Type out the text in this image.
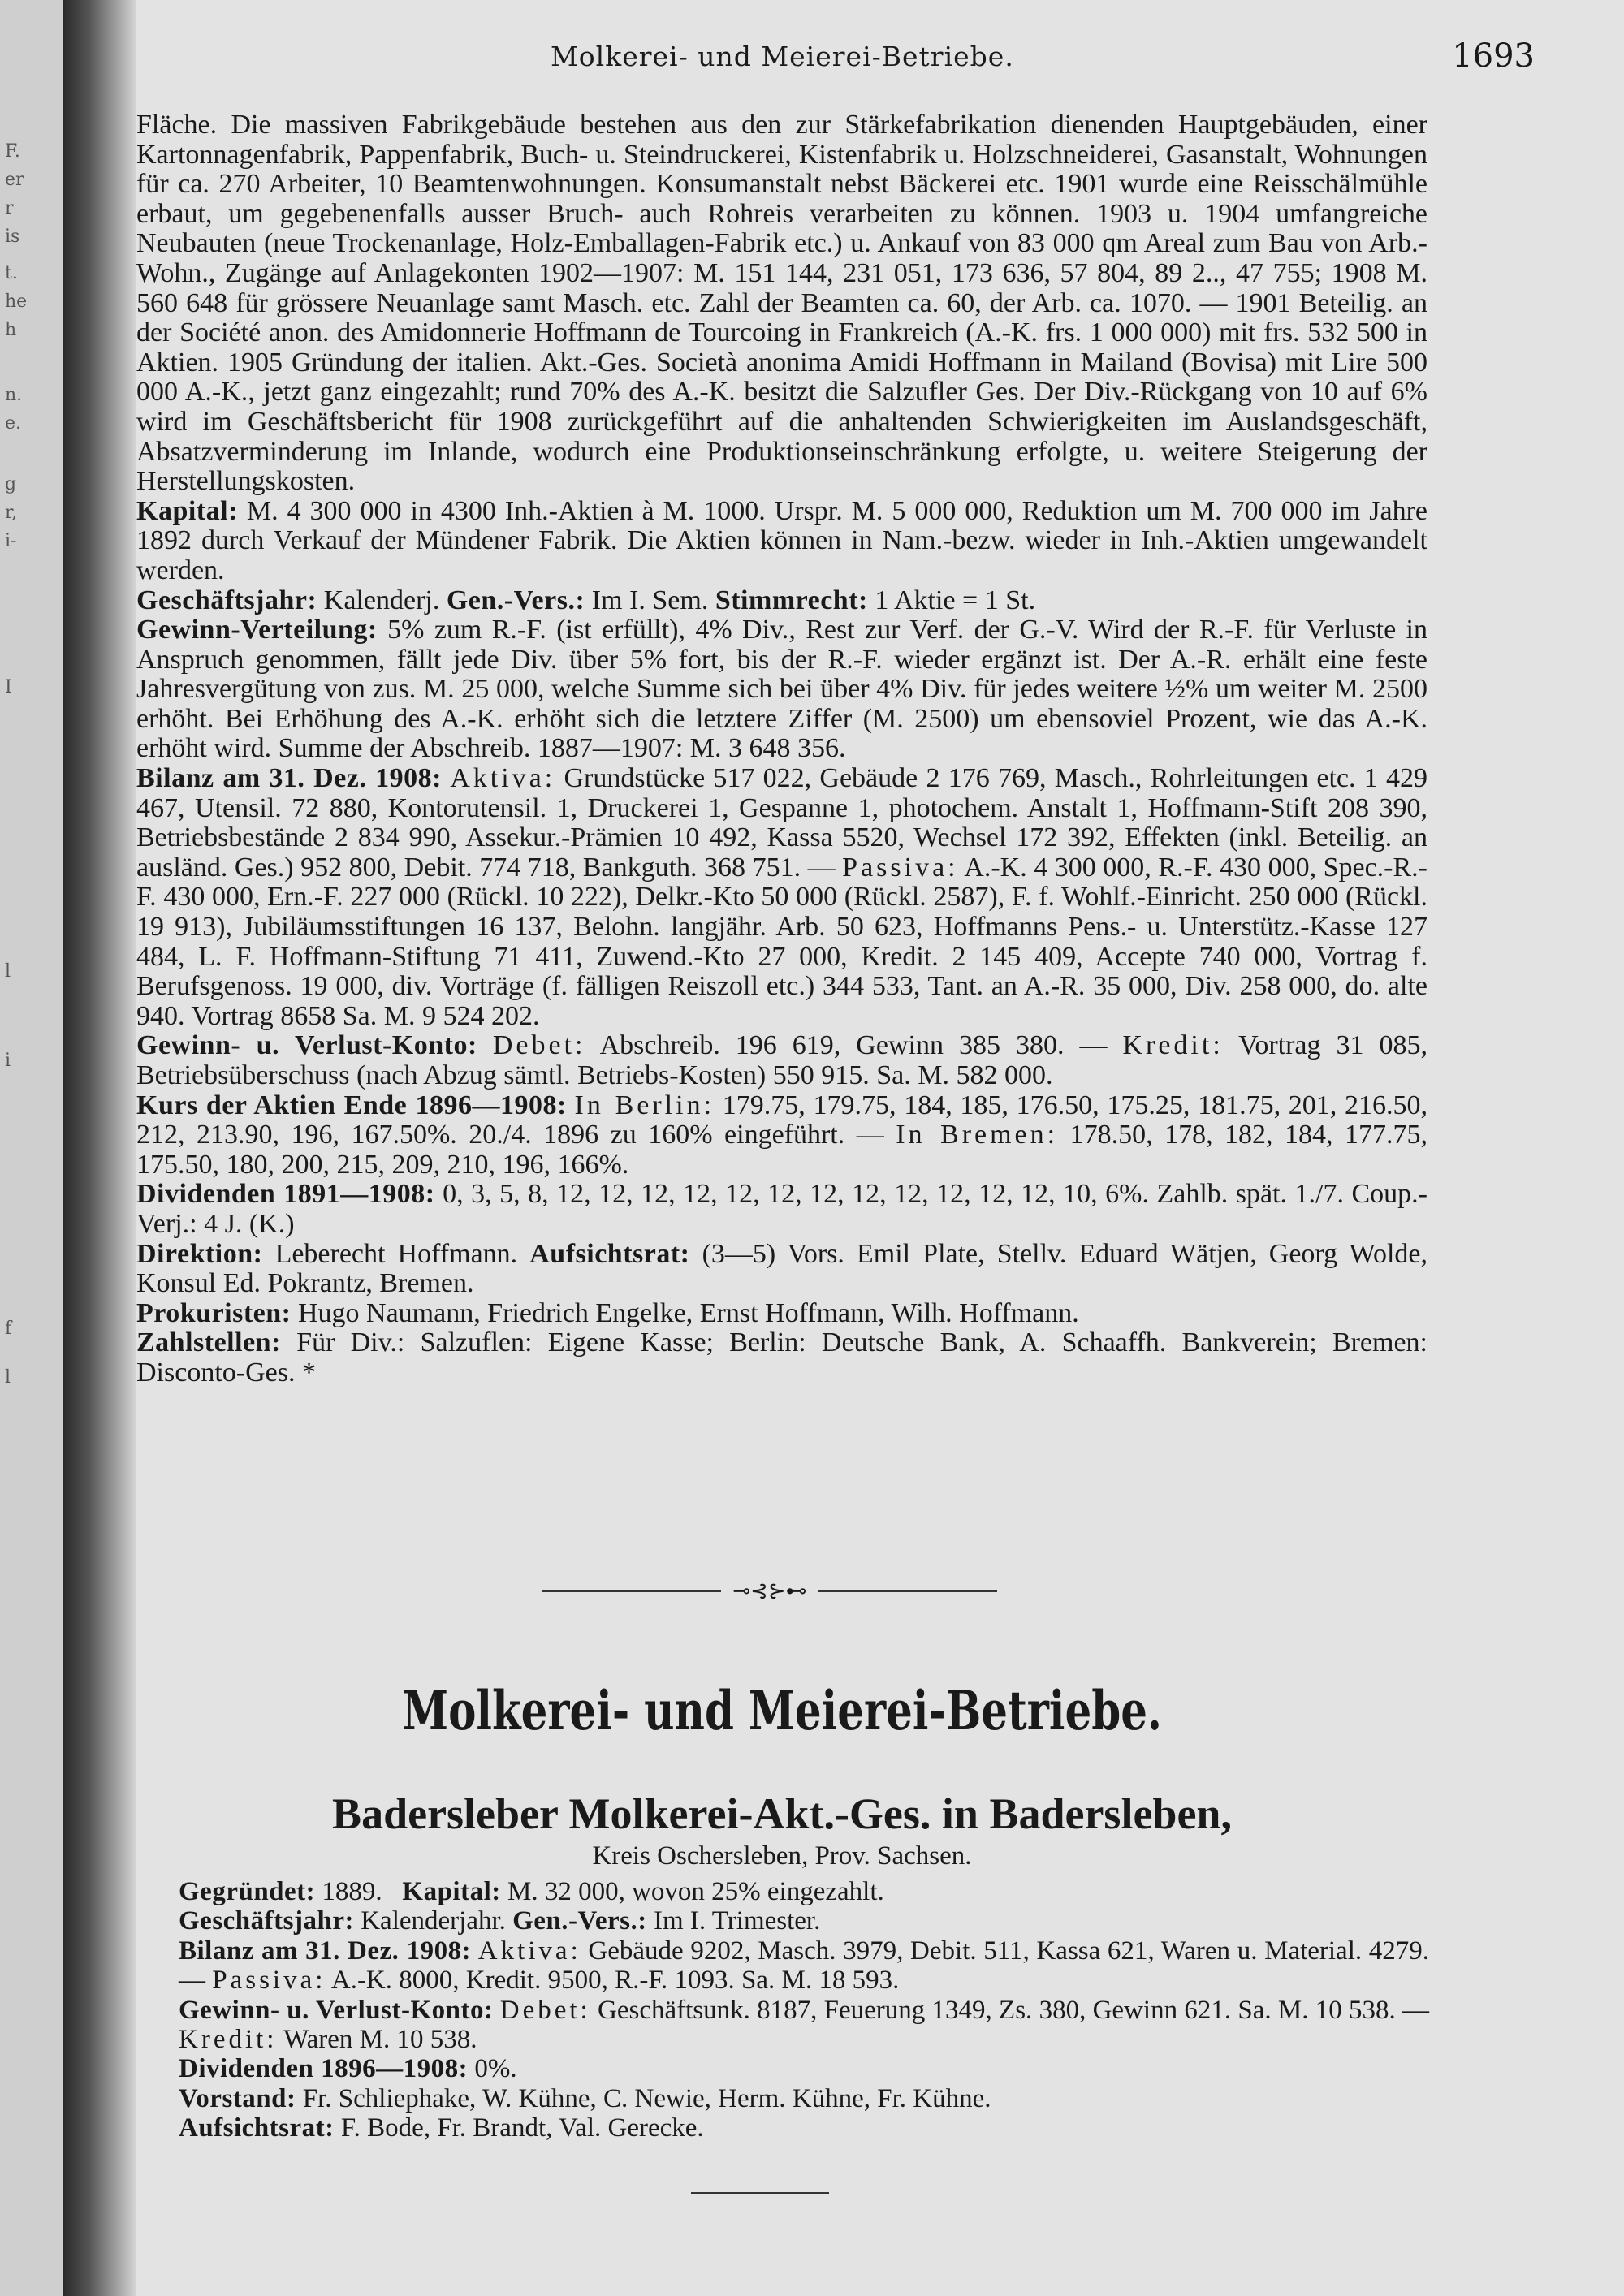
F.
er
r
is
t.
he
h
n.
e.
g
r,
i-
I
l
i
f
l
Molkerei- und Meierei-Betriebe.	1693

Fläche. Die massiven Fabrikgebäude bestehen aus den zur Stärkefabrikation dienenden Hauptgebäuden, einer Kartonnagenfabrik, Pappenfabrik, Buch- u. Steindruckerei, Kistenfabrik u. Holzschneiderei, Gasanstalt, Wohnungen für ca. 270 Arbeiter, 10 Beamtenwohnungen. Konsumanstalt nebst Bäckerei etc. 1901 wurde eine Reisschälmühle erbaut, um gegebenenfalls ausser Bruch- auch Rohreis verarbeiten zu können. 1903 u. 1904 umfangreiche Neubauten (neue Trockenanlage, Holz-Emballagen-Fabrik etc.) u. Ankauf von 83 000 qm Areal zum Bau von Arb.-Wohn., Zugänge auf Anlagekonten 1902—1907: M. 151 144, 231 051, 173 636, 57 804, 89 2.., 47 755; 1908 M. 560 648 für grössere Neuanlage samt Masch. etc. Zahl der Beamten ca. 60, der Arb. ca. 1070. — 1901 Beteilig. an der Société anon. des Amidonnerie Hoffmann de Tourcoing in Frankreich (A.-K. frs. 1 000 000) mit frs. 532 500 in Aktien. 1905 Gründung der italien. Akt.-Ges. Società anonima Amidi Hoffmann in Mailand (Bovisa) mit Lire 500 000 A.-K., jetzt ganz eingezahlt; rund 70% des A.-K. besitzt die Salzufler Ges. Der Div.-Rückgang von 10 auf 6% wird im Geschäftsbericht für 1908 zurückgeführt auf die anhaltenden Schwierigkeiten im Auslandsgeschäft, Absatzverminderung im Inlande, wodurch eine Produktionseinschränkung erfolgte, u. weitere Steigerung der Herstellungskosten.

Kapital: M. 4 300 000 in 4300 Inh.-Aktien à M. 1000. Urspr. M. 5 000 000, Reduktion um M. 700 000 im Jahre 1892 durch Verkauf der Mündener Fabrik. Die Aktien können in Nam.-bezw. wieder in Inh.-Aktien umgewandelt werden.

Geschäftsjahr: Kalenderj. Gen.-Vers.: Im I. Sem. Stimmrecht: 1 Aktie = 1 St.

Gewinn-Verteilung: 5% zum R.-F. (ist erfüllt), 4% Div., Rest zur Verf. der G.-V. Wird der R.-F. für Verluste in Anspruch genommen, fällt jede Div. über 5% fort, bis der R.-F. wieder ergänzt ist. Der A.-R. erhält eine feste Jahresvergütung von zus. M. 25 000, welche Summe sich bei über 4% Div. für jedes weitere ½% um weiter M. 2500 erhöht. Bei Erhöhung des A.-K. erhöht sich die letztere Ziffer (M. 2500) um ebensoviel Prozent, wie das A.-K. erhöht wird. Summe der Abschreib. 1887—1907: M. 3 648 356.

Bilanz am 31. Dez. 1908: Aktiva: Grundstücke 517 022, Gebäude 2 176 769, Masch., Rohrleitungen etc. 1 429 467, Utensil. 72 880, Kontorutensil. 1, Druckerei 1, Gespanne 1, photochem. Anstalt 1, Hoffmann-Stift 208 390, Betriebsbestände 2 834 990, Assekur.-Prämien 10 492, Kassa 5520, Wechsel 172 392, Effekten (inkl. Beteilig. an ausländ. Ges.) 952 800, Debit. 774 718, Bankguth. 368 751. — Passiva: A.-K. 4 300 000, R.-F. 430 000, Spec.-R.-F. 430 000, Ern.-F. 227 000 (Rückl. 10 222), Delkr.-Kto 50 000 (Rückl. 2587), F. f. Wohlf.-Einricht. 250 000 (Rückl. 19 913), Jubiläumsstiftungen 16 137, Belohn. langjähr. Arb. 50 623, Hoffmanns Pens.- u. Unterstütz.-Kasse 127 484, L. F. Hoffmann-Stiftung 71 411, Zuwend.-Kto 27 000, Kredit. 2 145 409, Accepte 740 000, Vortrag f. Berufsgenoss. 19 000, div. Vorträge (f. fälligen Reiszoll etc.) 344 533, Tant. an A.-R. 35 000, Div. 258 000, do. alte 940. Vortrag 8658 Sa. M. 9 524 202.

Gewinn- u. Verlust-Konto: Debet: Abschreib. 196 619, Gewinn 385 380. — Kredit: Vortrag 31 085, Betriebsüberschuss (nach Abzug sämtl. Betriebs-Kosten) 550 915. Sa. M. 582 000.

Kurs der Aktien Ende 1896—1908: In Berlin: 179.75, 179.75, 184, 185, 176.50, 175.25, 181.75, 201, 216.50, 212, 213.90, 196, 167.50%. 20./4. 1896 zu 160% eingeführt. — In Bremen: 178.50, 178, 182, 184, 177.75, 175.50, 180, 200, 215, 209, 210, 196, 166%.

Dividenden 1891—1908: 0, 3, 5, 8, 12, 12, 12, 12, 12, 12, 12, 12, 12, 12, 12, 12, 10, 6%. Zahlb. spät. 1./7. Coup.-Verj.: 4 J. (K.)

Direktion: Leberecht Hoffmann. Aufsichtsrat: (3—5) Vors. Emil Plate, Stellv. Eduard Wätjen, Georg Wolde, Konsul Ed. Pokrantz, Bremen.

Prokuristen: Hugo Naumann, Friedrich Engelke, Ernst Hoffmann, Wilh. Hoffmann.

Zahlstellen: Für Div.: Salzuflen: Eigene Kasse; Berlin: Deutsche Bank, A. Schaaffh. Bankverein; Bremen: Disconto-Ges. *

⊸⊰⊱⊷
Molkerei- und Meierei-Betriebe.
Badersleber Molkerei-Akt.-Ges. in Badersleben,
Kreis Oschersleben, Prov. Sachsen.

Gegründet: 1889. Kapital: M. 32 000, wovon 25% eingezahlt.

Geschäftsjahr: Kalenderjahr. Gen.-Vers.: Im I. Trimester.

Bilanz am 31. Dez. 1908: Aktiva: Gebäude 9202, Masch. 3979, Debit. 511, Kassa 621, Waren u. Material. 4279. — Passiva: A.-K. 8000, Kredit. 9500, R.-F. 1093. Sa. M. 18 593.

Gewinn- u. Verlust-Konto: Debet: Geschäftsunk. 8187, Feuerung 1349, Zs. 380, Gewinn 621. Sa. M. 10 538. — Kredit: Waren M. 10 538.

Dividenden 1896—1908: 0%.

Vorstand: Fr. Schliephake, W. Kühne, C. Newie, Herm. Kühne, Fr. Kühne.

Aufsichtsrat: F. Bode, Fr. Brandt, Val. Gerecke.
